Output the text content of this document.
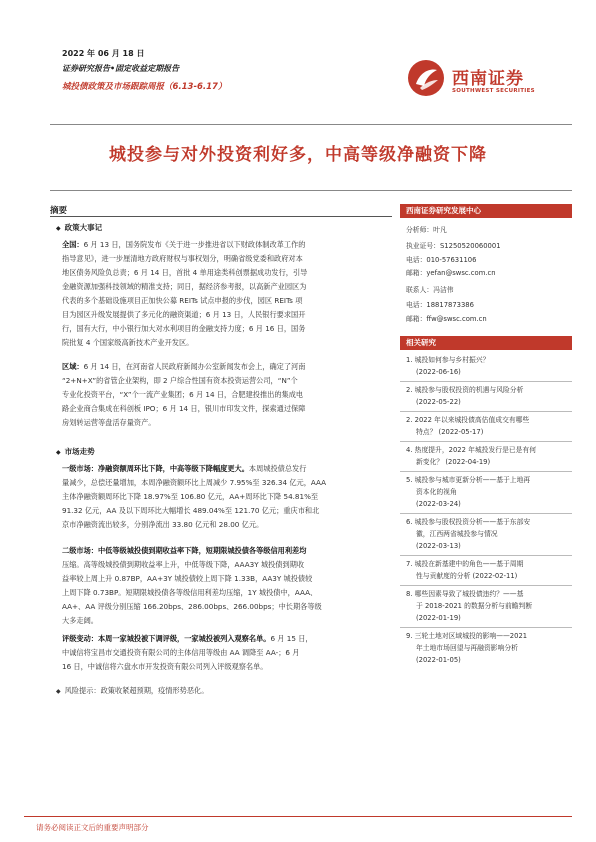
2022 年 06 月 18 日
证券研究报告•固定收益定期报告
城投债政策及市场跟踪周报（6.13-6.17）	西南证券
SOUTHWEST SECURITIES
城投参与对外投资利好多，中高等级净融资下降
摘要
◆ 政策大事记
全国：6 月 13 日，国务院发布《关于进一步推进省以下财政体制改革工作的
指导意见》，进一步厘清地方政府财权与事权划分，明确省级党委和政府对本
地区债务风险负总责；6 月 14 日，首批 4 单用途类科创票据成功发行，引导
金融资源加强科技领域的精准支持；同日，据经济参考报，以高新产业园区为
代表的多个基础设施项目正加快公募 REITs 试点申报的步伐，园区 REITs 项
目为园区升级发展提供了多元化的融资渠道；6 月 13 日，人民银行要求国开
行，国有大行，中小银行加大对水利项目的金融支持力度；6 月 16 日，国务
院批复 4 个国家级高新技术产业开发区。
区域：6 月 14 日，在河南省人民政府新闻办公室新闻发布会上，确定了河南
“2+N+X”的省管企业架构，即 2 户综合性国有资本投资运营公司，“N”个
专业化投资平台，“X”个一流产业集团；6 月 14 日，合肥建投推出的集成电
路企业商合集成在科创板 IPO；6 月 14 日，银川市印发文件，探索通过保障
房划转运营等盘活存量资产。
◆ 市场走势
一级市场：净融资额周环比下降，中高等级下降幅度更大。本周城投债总发行
量减少，总偿还量增加，本周净融资额环比上周减少 7.95%至 326.34 亿元，AAA
主体净融资额周环比下降 18.97%至 106.80 亿元，AA+周环比下降 54.81%至
91.32 亿元，AA 及以下周环比大幅增长 489.04%至 121.70 亿元；重庆市和北
京市净融资流出较多，分别净流出 33.80 亿元和 28.00 亿元。
二级市场：中低等级城投债到期收益率下降，短期限城投债各等级信用利差均
压缩。高等级城投债到期收益率上升，中低等级下降，AAA3Y 城投债到期收
益率较上周上升 0.87BP，AA+3Y 城投债较上周下降 1.33B，AA3Y 城投债较
上周下降 0.73BP。短期限城投债各等级信用利差均压缩，1Y 城投债中，AAA、
AA+、AA 评级分别压缩 166.20bps、286.00bps、266.00bps；中长期各等级
大多走阔。
评级变动：本周一家城投被下调评级，一家城投被列入观察名单。6 月 15 日，
中诚信将宝昌市交通投资有限公司的主体信用等级由 AA 调降至 AA-；6 月
16 日，中诚信将六盘水市开发投资有限公司列入评级观察名单。
◆ 风险提示：政策收紧超预期，疫情形势恶化。
西南证券研究发展中心
分析师：叶凡
执业证号：S1250520060001
电话：010-57631106
邮箱：yefan@swsc.com.cn
联系人：冯洁伟
电话：18817873386
邮箱：ffw@swsc.com.cn
相关研究
1. 城投如何参与乡村振兴？
(2022-06-16)
2. 城投参与股权投资的机遇与风险分析
(2022-05-22)
2. 2022 年以来城投债高估值成交有哪些
特点？ (2022-05-17)
4. 热度提升，2022 年城投发行是已是有何
新变化？ (2022-04-19)
5. 城投参与城市更新分析——基于上地再
资本化的视角
(2022-03-24)
6. 城投参与股权投资分析——基于东部安
徽，江西两省城投参与情况
(2022-03-13)
7. 城投在新基建中的角色——基于周期
性与贡献度的分析 (2022-02-11)
8. 哪些因素导致了城投债违约？——基
于 2018-2021 的数据分析与前瞻判断
(2022-01-19)
9. 三轮土地对区域城投的影响——2021
年土地市场回望与再融资影响分析
(2022-01-05)
请务必阅读正文后的重要声明部分
